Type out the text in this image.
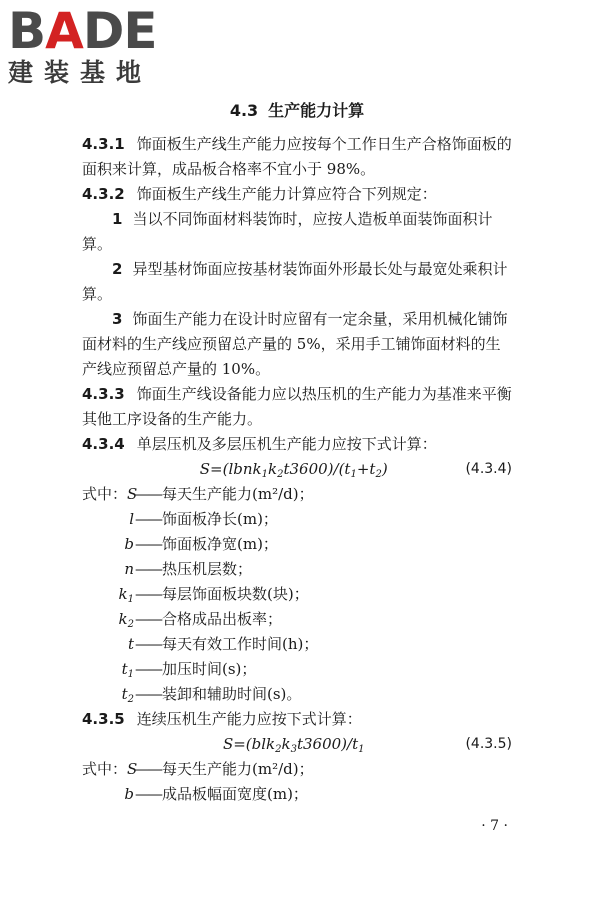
B A DE
建装基地
4.3 生产能力计算

4.3.1 饰面板生产线生产能力应按每个工作日生产合格饰面板的面积来计算，成品板合格率不宜小于 98%。

4.3.2 饰面板生产线生产能力计算应符合下列规定：

1 当以不同饰面材料装饰时，应按人造板单面装饰面积计算。

2 异型基材饰面应按基材装饰面外形最长处与最宽处乘积计算。

3 饰面生产能力在设计时应留有一定余量，采用机械化铺饰面材料的生产线应预留总产量的 5%，采用手工铺饰面材料的生产线应预留总产量的 10%。

4.3.3 饰面生产线设备能力应以热压机的生产能力为基准来平衡其他工序设备的生产能力。

4.3.4 单层压机及多层压机生产能力应按下式计算：

$S=(lbnk_1k_2t3600)/(t_1+t_2)$	(4.3.4)
式中：S
—— 每天生产能力(m²/d)；
l —— 饰面板净长(m)；
b —— 饰面板净宽(m)；
n —— 热压机层数；
$k_1$ —— 每层饰面板块数(块)；
$k_2$ —— 合格成品出板率；
t —— 每天有效工作时间(h)；
$t_1$ —— 加压时间(s)；
$t_2$ —— 装卸和辅助时间(s)。

4.3.5 连续压机生产能力应按下式计算：

$S=(blk_2k_3t3600)/t_1$	(4.3.5)
式中：S
—— 每天生产能力(m²/d)；
b —— 成品板幅面宽度(m)；
· 7 ·
